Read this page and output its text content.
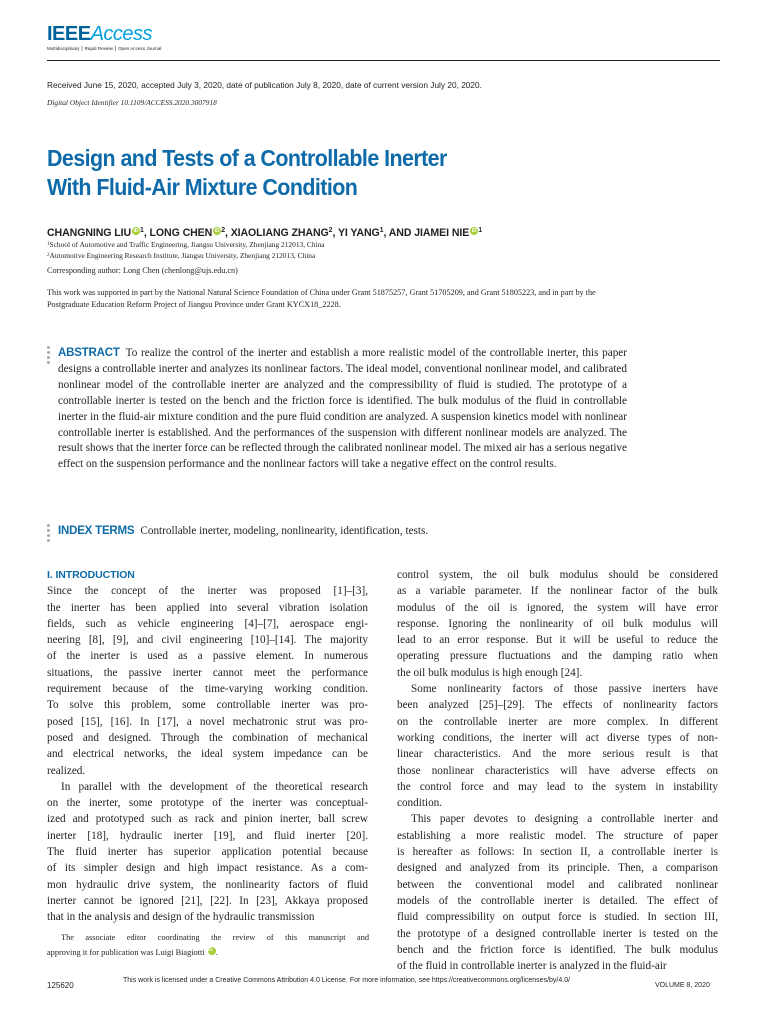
IEEEAccess
Multidisciplinary ⎮ Rapid Review ⎮ Open Access Journal
Received June 15, 2020, accepted July 3, 2020, date of publication July 8, 2020, date of current version July 20, 2020.
Digital Object Identifier 10.1109/ACCESS.2020.3007918
Design and Tests of a Controllable Inerter
With Fluid-Air Mixture Condition
CHANGNING LIU iD $^1$, LONG CHEN iD $^2$, XIAOLIANG ZHANG$^2$, YI YANG$^1$, AND JIAMEI NIE iD $^1$
$^1$School of Automotive and Traffic Engineering, Jiangsu University, Zhenjiang 212013, China
$^2$Automotive Engineering Research Institute, Jiangsu University, Zhenjiang 212013, China
Corresponding author: Long Chen (chenlong@ujs.edu.cn)
This work was supported in part by the National Natural Science Foundation of China under Grant 51875257, Grant 51705209, and Grant 51805223, and in part by the Postgraduate Education Reform Project of Jiangsu Province under Grant KYCX18_2228.
ABSTRACT To realize the control of the inerter and establish a more realistic model of the controllable inerter, this paper designs a controllable inerter and analyzes its nonlinear factors. The ideal model, conventional nonlinear model, and calibrated nonlinear model of the controllable inerter are analyzed and the compressibility of fluid is studied. The prototype of a controllable inerter is tested on the bench and the friction force is identified. The bulk modulus of the fluid in controllable inerter in the fluid-air mixture condition and the pure fluid condition are analyzed. A suspension kinetics model with nonlinear controllable inerter is established. And the performances of the suspension with different nonlinear models are analyzed. The result shows that the inerter force can be reflected through the calibrated nonlinear model. The mixed air has a serious negative effect on the suspension performance and the nonlinear factors will take a negative effect on the control results.
INDEX TERMS Controllable inerter, modeling, nonlinearity, identification, tests.
I. INTRODUCTION

Since the concept of the inerter was proposed [1]–[3],

the inerter has been applied into several vibration isolation

fields, such as vehicle engineering [4]–[7], aerospace engi-

neering [8], [9], and civil engineering [10]–[14]. The majority

of the inerter is used as a passive element. In numerous

situations, the passive inerter cannot meet the performance

requirement because of the time-varying working condition.

To solve this problem, some controllable inerter was pro-

posed [15], [16]. In [17], a novel mechatronic strut was pro-

posed and designed. Through the combination of mechanical

and electrical networks, the ideal system impedance can be

realized.

In parallel with the development of the theoretical research

on the inerter, some prototype of the inerter was conceptual-

ized and prototyped such as rack and pinion inerter, ball screw

inerter [18], hydraulic inerter [19], and fluid inerter [20].

The fluid inerter has superior application potential because

of its simpler design and high impact resistance. As a com-

mon hydraulic drive system, the nonlinearity factors of fluid

inerter cannot be ignored [21], [22]. In [23], Akkaya proposed

that in the analysis and design of the hydraulic transmission

control system, the oil bulk modulus should be considered

as a variable parameter. If the nonlinear factor of the bulk

modulus of the oil is ignored, the system will have error

response. Ignoring the nonlinearity of oil bulk modulus will

lead to an error response. But it will be useful to reduce the

operating pressure fluctuations and the damping ratio when

the oil bulk modulus is high enough [24].

Some nonlinearity factors of those passive inerters have

been analyzed [25]–[29]. The effects of nonlinearity factors

on the controllable inerter are more complex. In different

working conditions, the inerter will act diverse types of non-

linear characteristics. And the more serious result is that

those nonlinear characteristics will have adverse effects on

the control force and may lead to the system in instability

condition.

This paper devotes to designing a controllable inerter and

establishing a more realistic model. The structure of paper

is hereafter as follows: In section II, a controllable inerter is

designed and analyzed from its principle. Then, a comparison

between the conventional model and calibrated nonlinear

models of the controllable inerter is detailed. The effect of

fluid compressibility on output force is studied. In section III,

the prototype of a designed controllable inerter is tested on the

bench and the friction force is identified. The bulk modulus

of the fluid in controllable inerter is analyzed in the fluid-air

The associate editor coordinating the review of this manuscript and

approving it for publication was Luigi Biagiotti iD .

125620
This work is licensed under a Creative Commons Attribution 4.0 License. For more information, see https://creativecommons.org/licenses/by/4.0/
VOLUME 8, 2020
